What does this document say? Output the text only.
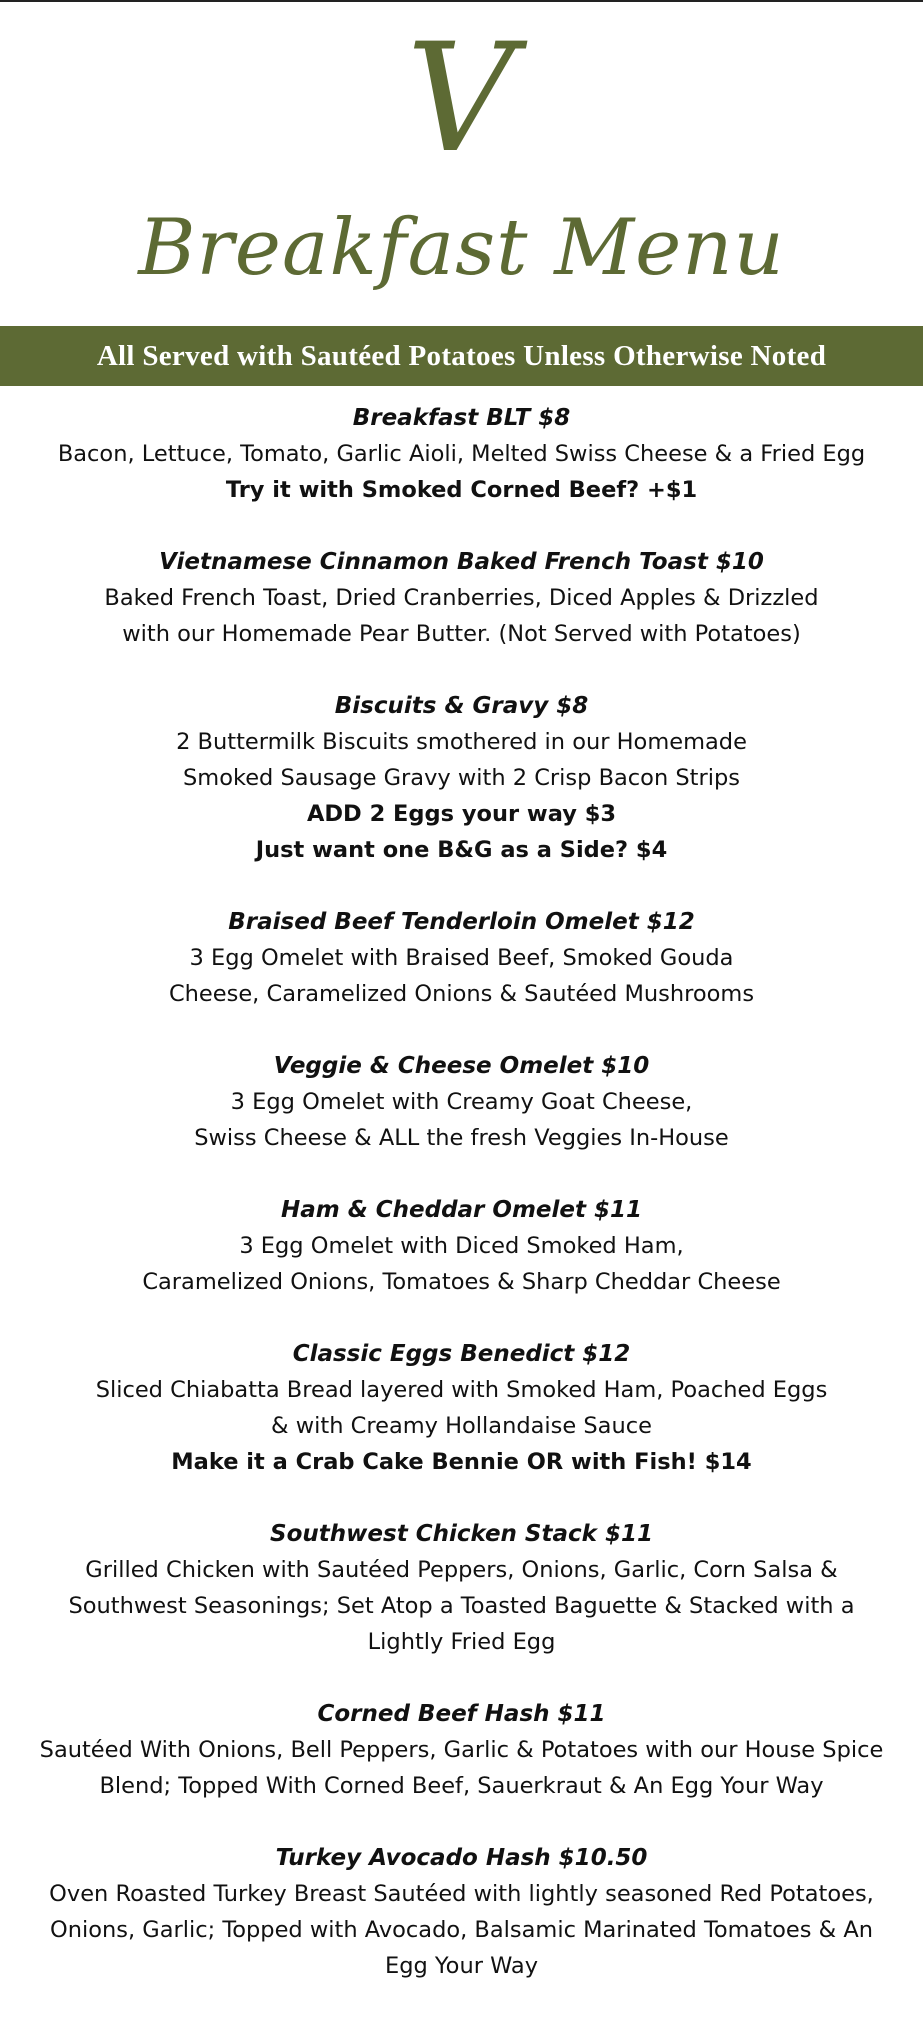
V
Breakfast Menu
All Served with Sautéed Potatoes Unless Otherwise Noted
Breakfast BLT $8
Bacon, Lettuce, Tomato, Garlic Aioli, Melted Swiss Cheese & a Fried Egg
Try it with Smoked Corned Beef? +$1
Vietnamese Cinnamon Baked French Toast $10
Baked French Toast, Dried Cranberries, Diced Apples & Drizzled
with our Homemade Pear Butter. (Not Served with Potatoes)
Biscuits & Gravy $8
2 Buttermilk Biscuits smothered in our Homemade
Smoked Sausage Gravy with 2 Crisp Bacon Strips
ADD 2 Eggs your way $3
Just want one B&G as a Side? $4
Braised Beef Tenderloin Omelet $12
3 Egg Omelet with Braised Beef, Smoked Gouda
Cheese, Caramelized Onions & Sautéed Mushrooms
Veggie & Cheese Omelet $10
3 Egg Omelet with Creamy Goat Cheese,
Swiss Cheese & ALL the fresh Veggies In-House
Ham & Cheddar Omelet $11
3 Egg Omelet with Diced Smoked Ham,
Caramelized Onions, Tomatoes & Sharp Cheddar Cheese
Classic Eggs Benedict $12
Sliced Chiabatta Bread layered with Smoked Ham, Poached Eggs
& with Creamy Hollandaise Sauce
Make it a Crab Cake Bennie OR with Fish! $14
Southwest Chicken Stack $11
Grilled Chicken with Sautéed Peppers, Onions, Garlic, Corn Salsa &
Southwest Seasonings; Set Atop a Toasted Baguette & Stacked with a
Lightly Fried Egg
Corned Beef Hash $11
Sautéed With Onions, Bell Peppers, Garlic & Potatoes with our House Spice
Blend; Topped With Corned Beef, Sauerkraut & An Egg Your Way
Turkey Avocado Hash $10.50
Oven Roasted Turkey Breast Sautéed with lightly seasoned Red Potatoes,
Onions, Garlic; Topped with Avocado, Balsamic Marinated Tomatoes & An
Egg Your Way
